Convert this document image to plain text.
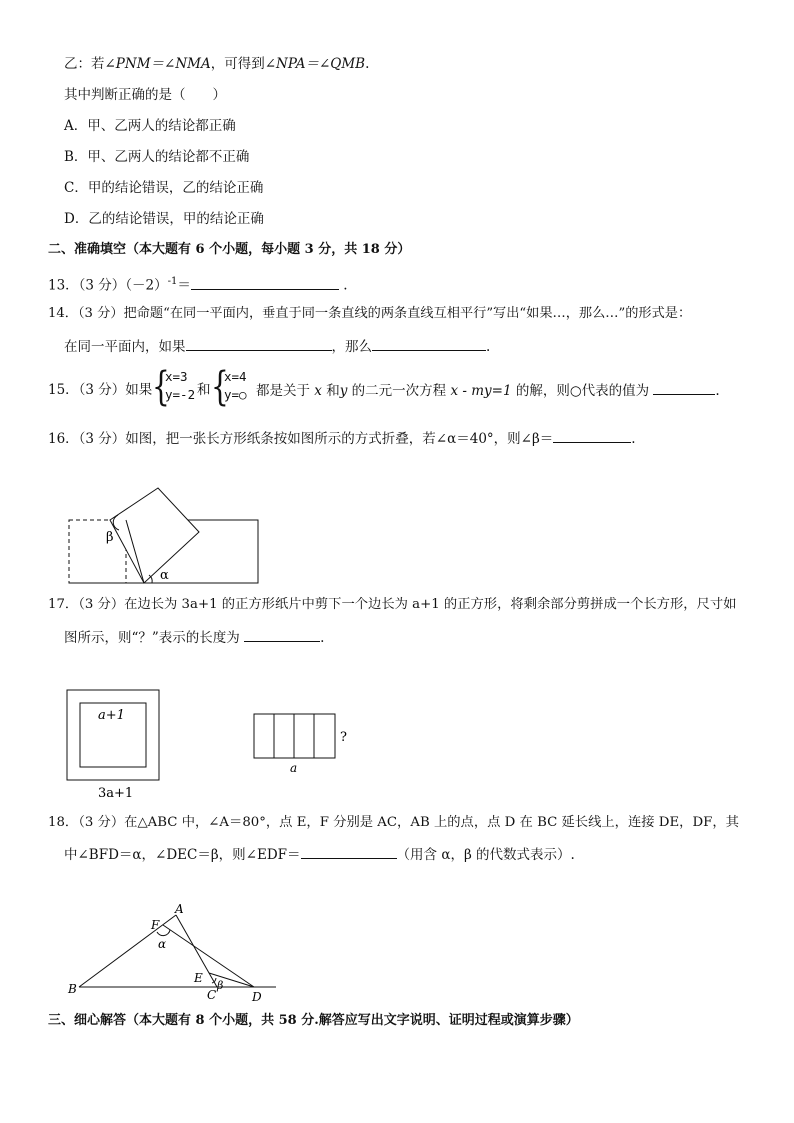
乙：若∠PNM＝∠NMA，可得到∠NPA＝∠QMB.
其中判断正确的是（　　）
A．甲、乙两人的结论都正确
B．甲、乙两人的结论都不正确
C．甲的结论错误，乙的结论正确
D．乙的结论错误，甲的结论正确
二、准确填空（本大题有 6 个小题，每小题 3 分，共 18 分）
13．（3 分）$(-2)^{-1}=$	.
14．（3 分）把命题“在同一平面内，垂直于同一条直线的两条直线互相平行”写出“如果…，那么…”的形式是：
在同一平面内，如果	，那么	.
15．（3 分）如果 {
x=3
y=-2 和 {
x=4
y=○ 都是关于 x 和y 的二元一次方程 x - my=1 的解，则○代表的值为	.
16．（3 分）如图，把一张长方形纸条按如图所示的方式折叠，若∠α＝40°，则∠β＝	.
β
α
17．（3 分）在边长为 3a+1 的正方形纸片中剪下一个边长为 a+1 的正方形，将剩余部分剪拼成一个长方形，尺寸如
图所示，则“？”表示的长度为	.
a+1
3a+1
?
a
18．（3 分）在△ABC 中，∠A＝80°，点 E，F 分别是 AC，AB 上的点，点 D 在 BC 延长线上，连接 DE，DF，其
中∠BFD＝α，∠DEC＝β，则∠EDF＝	（用含 α，β 的代数式表示）.
A
B	C	D
E
F
α
β
三、细心解答（本大题有 8 个小题，共 58 分.解答应写出文字说明、证明过程或演算步骤）
